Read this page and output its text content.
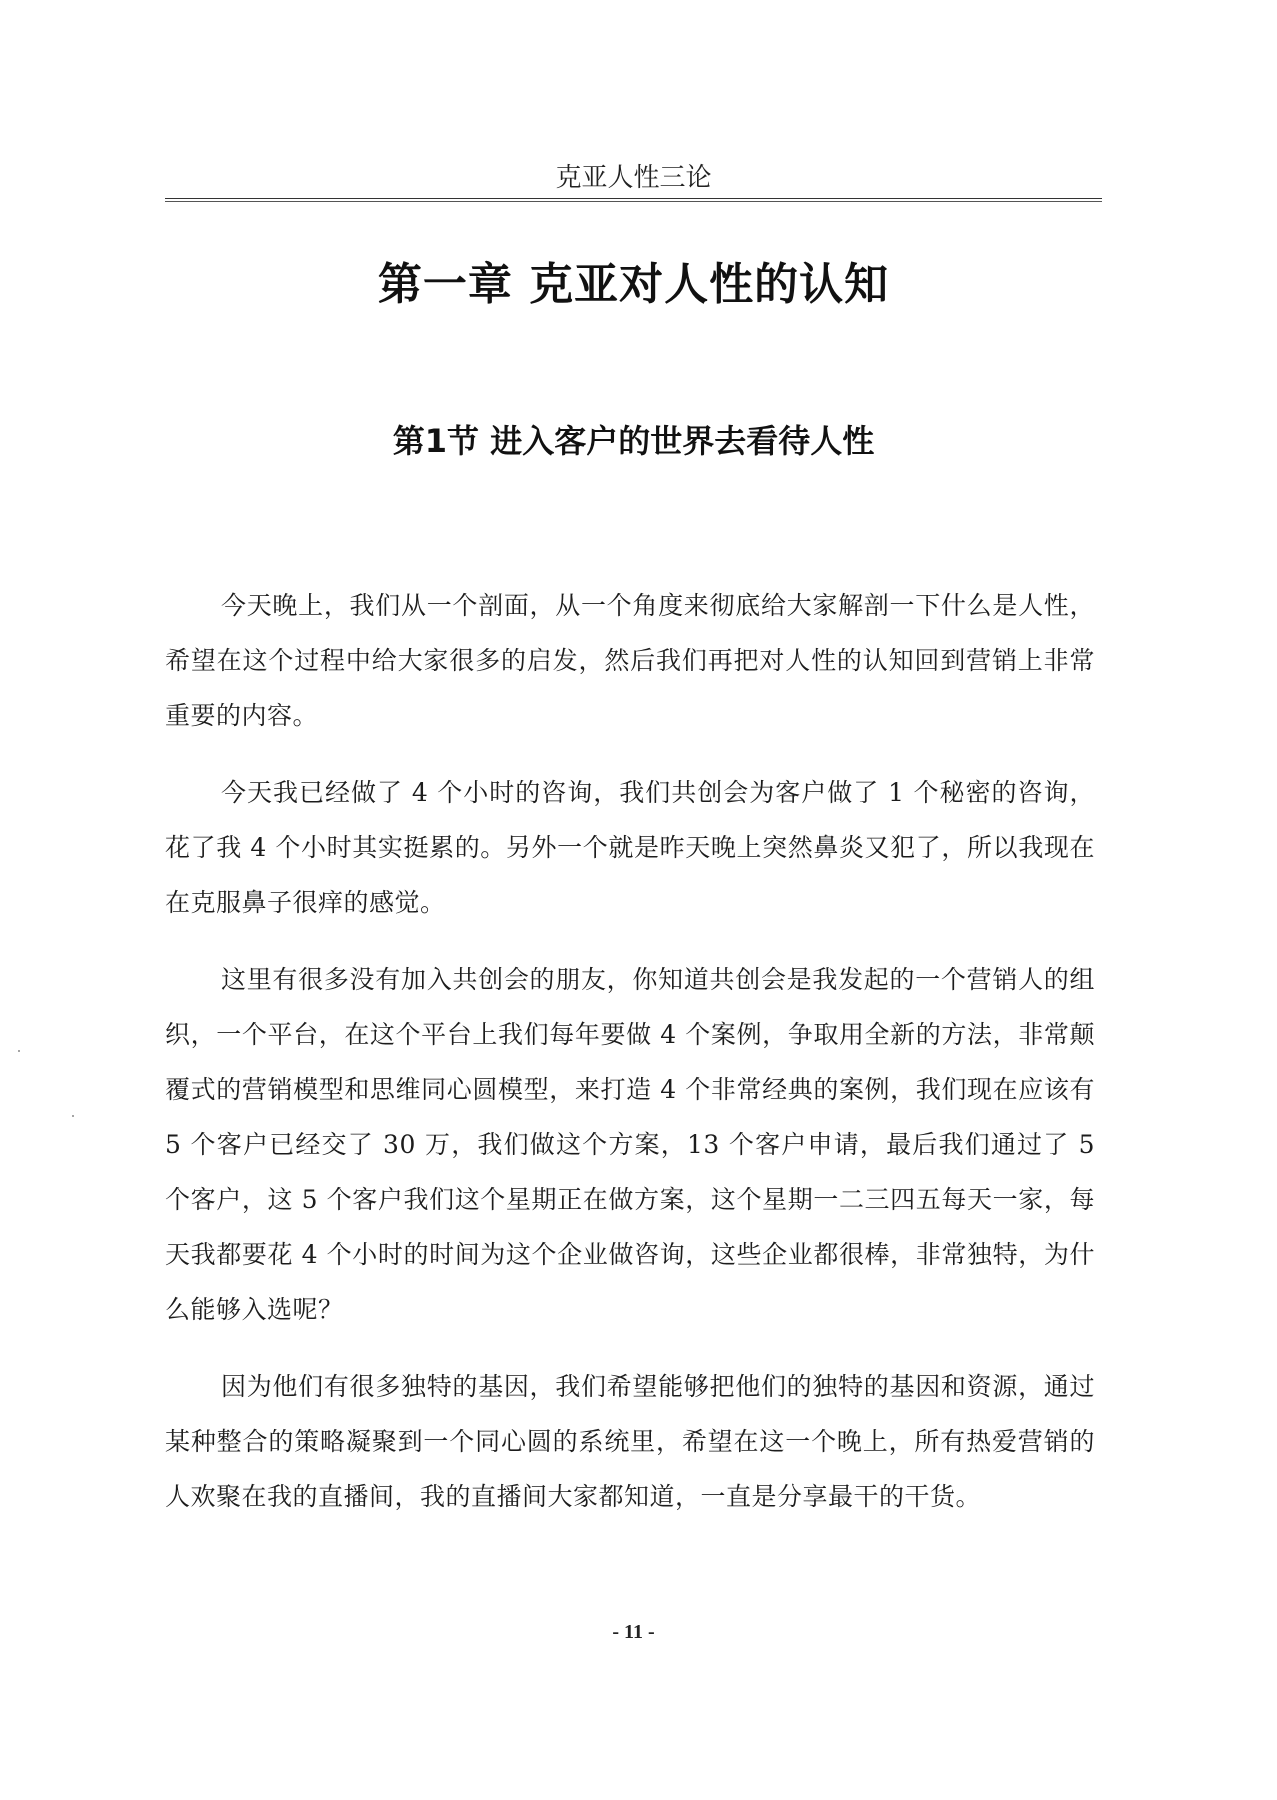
克亚人性三论
第一章 克亚对人性的认知
第1节 进入客户的世界去看待人性

今天晚上，我们从一个剖面，从一个角度来彻底给大家解剖一下什么是人性，希望在这个过程中给大家很多的启发，然后我们再把对人性的认知回到营销上非常重要的内容。

今天我已经做了 4 个小时的咨询，我们共创会为客户做了 1 个秘密的咨询，花了我 4 个小时其实挺累的。另外一个就是昨天晚上突然鼻炎又犯了，所以我现在在克服鼻子很痒的感觉。

这里有很多没有加入共创会的朋友，你知道共创会是我发起的一个营销人的组织，一个平台，在这个平台上我们每年要做 4 个案例，争取用全新的方法，非常颠覆式的营销模型和思维同心圆模型，来打造 4 个非常经典的案例，我们现在应该有 5 个客户已经交了 30 万，我们做这个方案，13 个客户申请，最后我们通过了 5 个客户，这 5 个客户我们这个星期正在做方案，这个星期一二三四五每天一家，每天我都要花 4 个小时的时间为这个企业做咨询，这些企业都很棒，非常独特，为什么能够入选呢？

因为他们有很多独特的基因，我们希望能够把他们的独特的基因和资源，通过某种整合的策略凝聚到一个同心圆的系统里，希望在这一个晚上，所有热爱营销的人欢聚在我的直播间，我的直播间大家都知道，一直是分享最干的干货。

- 11 -
